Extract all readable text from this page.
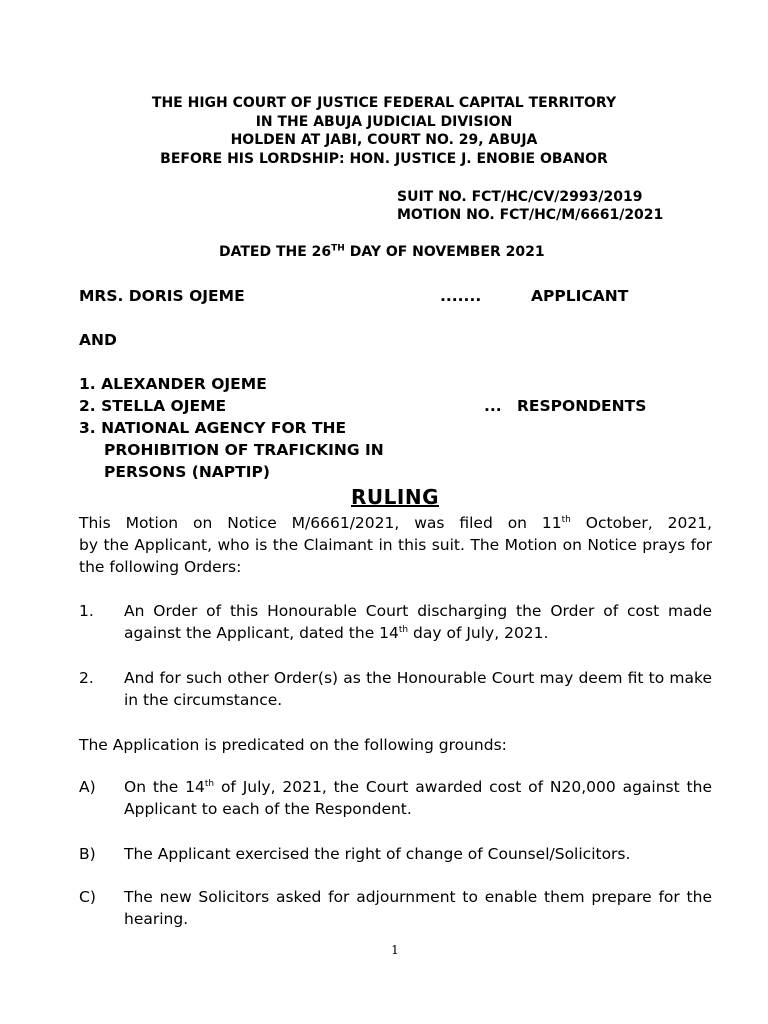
THE HIGH COURT OF JUSTICE FEDERAL CAPITAL TERRITORY
IN THE ABUJA JUDICIAL DIVISION
HOLDEN AT JABI, COURT NO. 29, ABUJA
BEFORE HIS LORDSHIP: HON. JUSTICE J. ENOBIE OBANOR
SUIT NO. FCT/HC/CV/2993/2019
MOTION NO. FCT/HC/M/6661/2021
DATED THE 26TH DAY OF NOVEMBER 2021
MRS. DORIS OJEME	.......	APPLICANT
AND
1. ALEXANDER OJEME
2. STELLA OJEME	... RESPONDENTS
3. NATIONAL AGENCY FOR THE
PROHIBITION OF TRAFICKING IN
PERSONS (NAPTIP)
RULING
This Motion on Notice M/6661/2021, was filed on 11th October, 2021,
by the Applicant, who is the Claimant in this suit. The Motion on Notice prays for the following Orders:
1. An Order of this Honourable Court discharging the Order of cost made against the Applicant, dated the 14th day of July, 2021.
2. And for such other Order(s) as the Honourable Court may deem fit to make in the circumstance.
The Application is predicated on the following grounds:
A) On the 14th of July, 2021, the Court awarded cost of N20,000 against the Applicant to each of the Respondent.
B) The Applicant exercised the right of change of Counsel/Solicitors.
C) The new Solicitors asked for adjournment to enable them prepare for the hearing.
1
